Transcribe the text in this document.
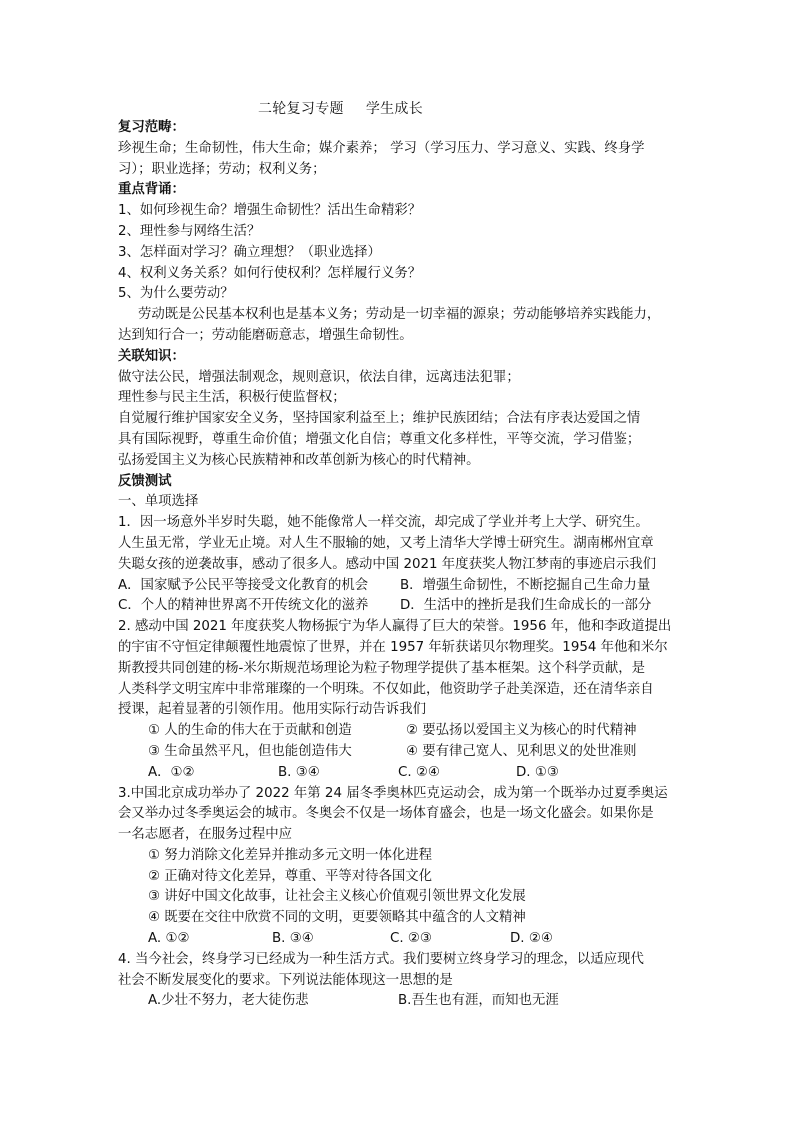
二轮复习专题 学生成长
复习范畴：
珍视生命；生命韧性，伟大生命；媒介素养； 学习（学习压力、学习意义、实践、终身学
习）；职业选择；劳动；权利义务；
重点背诵：
1、如何珍视生命？增强生命韧性？活出生命精彩？
2、理性参与网络生活？
3、怎样面对学习？确立理想？（职业选择）
4、权利义务关系？如何行使权利？怎样履行义务？
5、为什么要劳动？
劳动既是公民基本权利也是基本义务；劳动是一切幸福的源泉；劳动能够培养实践能力，
达到知行合一；劳动能磨砺意志，增强生命韧性。
关联知识：
做守法公民，增强法制观念，规则意识，依法自律，远离违法犯罪；
理性参与民主生活，积极行使监督权；
自觉履行维护国家安全义务，坚持国家利益至上；维护民族团结；合法有序表达爱国之情
具有国际视野，尊重生命价值；增强文化自信；尊重文化多样性，平等交流，学习借鉴；
弘扬爱国主义为核心民族精神和改革创新为核心的时代精神。
反馈测试
一、单项选择
1．因一场意外半岁时失聪，她不能像常人一样交流，却完成了学业并考上大学、研究生。
人生虽无常，学业无止境。对人生不服输的她，又考上清华大学博士研究生。湖南郴州宜章
失聪女孩的逆袭故事，感动了很多人。感动中国 2021 年度获奖人物江梦南的事迹启示我们
A．国家赋予公民平等接受文化教育的机会	B．增强生命韧性，不断挖掘自己生命力量
C．个人的精神世界离不开传统文化的滋养	D．生活中的挫折是我们生命成长的一部分
2. 感动中国 2021 年度获奖人物杨振宁为华人赢得了巨大的荣誉。1956 年，他和李政道提出
的宇宙不守恒定律颠覆性地震惊了世界，并在 1957 年斩获诺贝尔物理奖。1954 年他和米尔
斯教授共同创建的杨-米尔斯规范场理论为粒子物理学提供了基本框架。这个科学贡献，是
人类科学文明宝库中非常璀璨的一个明珠。不仅如此，他资助学子赴美深造，还在清华亲自
授课，起着显著的引领作用。他用实际行动告诉我们
① 人的生命的伟大在于贡献和创造	② 要弘扬以爱国主义为核心的时代精神
③ 生命虽然平凡，但也能创造伟大	④ 要有律己宽人、见利思义的处世准则
A．①②	B. ③④	C. ②④	D. ①③
3.中国北京成功举办了 2022 年第 24 届冬季奥林匹克运动会，成为第一个既举办过夏季奥运
会又举办过冬季奥运会的城市。冬奥会不仅是一场体育盛会，也是一场文化盛会。如果你是
一名志愿者，在服务过程中应
① 努力消除文化差异并推动多元文明一体化进程
② 正确对待文化差异，尊重、平等对待各国文化
③ 讲好中国文化故事，让社会主义核心价值观引领世界文化发展
④ 既要在交往中欣赏不同的文明，更要领略其中蕴含的人文精神
A. ①②	B. ③④	C. ②③	D. ②④
4. 当今社会，终身学习已经成为一种生活方式。我们要树立终身学习的理念，以适应现代
社会不断发展变化的要求。下列说法能体现这一思想的是
A.少壮不努力，老大徒伤悲	B.吾生也有涯，而知也无涯
